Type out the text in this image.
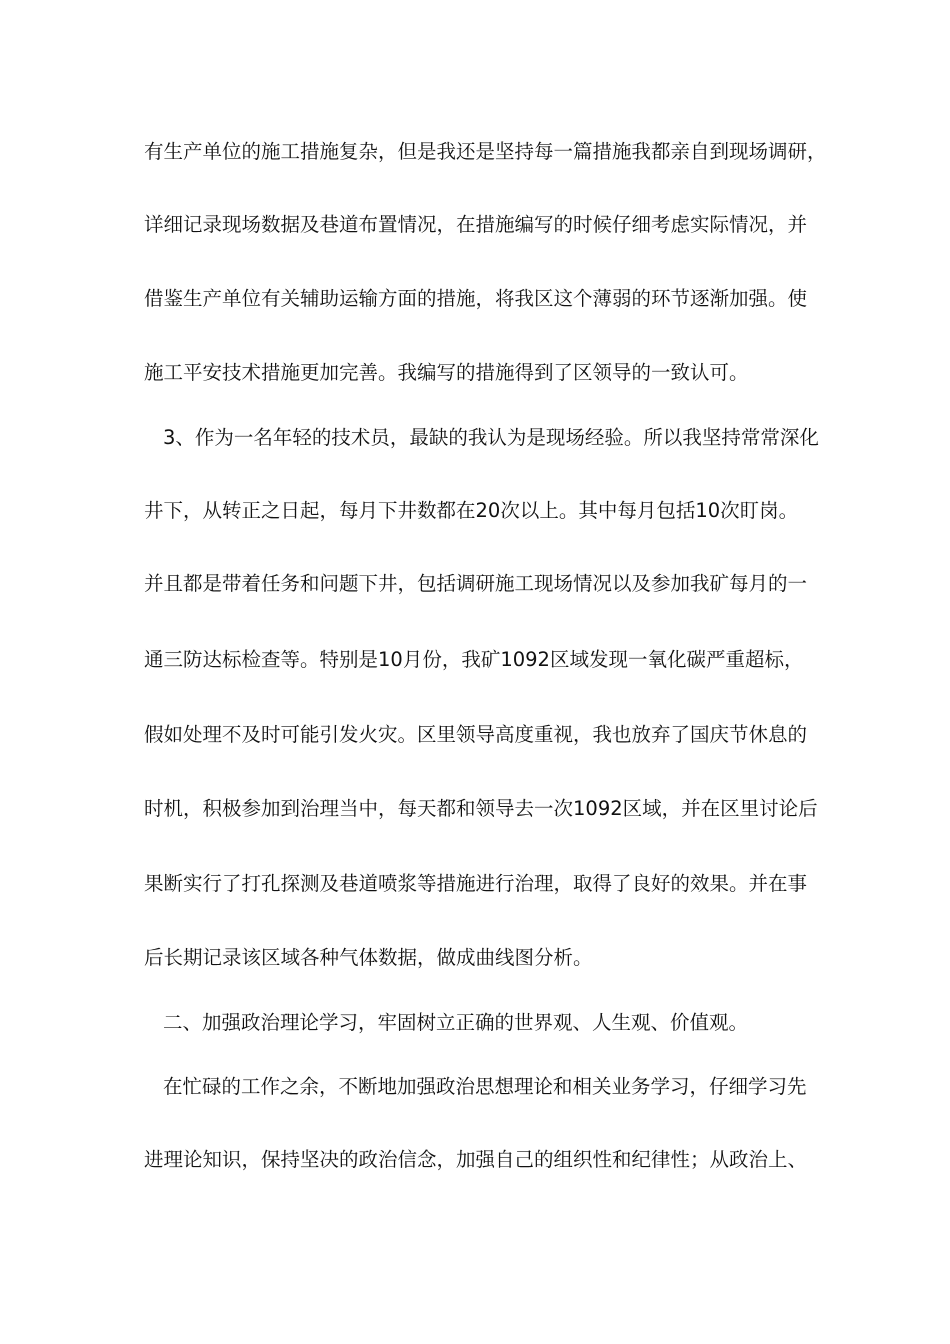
有生产单位的施工措施复杂，但是我还是坚持每一篇措施我都亲自到现场调研，
详细记录现场数据及巷道布置情况，在措施编写的时候仔细考虑实际情况，并
借鉴生产单位有关辅助运输方面的措施，将我区这个薄弱的环节逐渐加强。使
施工平安技术措施更加完善。我编写的措施得到了区领导的一致认可。
3、作为一名年轻的技术员，最缺的我认为是现场经验。所以我坚持常常深化
井下，从转正之日起，每月下井数都在20次以上。其中每月包括10次盯岗。
并且都是带着任务和问题下井，包括调研施工现场情况以及参加我矿每月的一
通三防达标检查等。特别是10月份，我矿1092区域发现一氧化碳严重超标，
假如处理不及时可能引发火灾。区里领导高度重视，我也放弃了国庆节休息的
时机，积极参加到治理当中，每天都和领导去一次1092区域，并在区里讨论后
果断实行了打孔探测及巷道喷浆等措施进行治理，取得了良好的效果。并在事
后长期记录该区域各种气体数据，做成曲线图分析。
二、加强政治理论学习，牢固树立正确的世界观、人生观、价值观。
在忙碌的工作之余，不断地加强政治思想理论和相关业务学习，仔细学习先
进理论知识，保持坚决的政治信念，加强自己的组织性和纪律性；从政治上、
